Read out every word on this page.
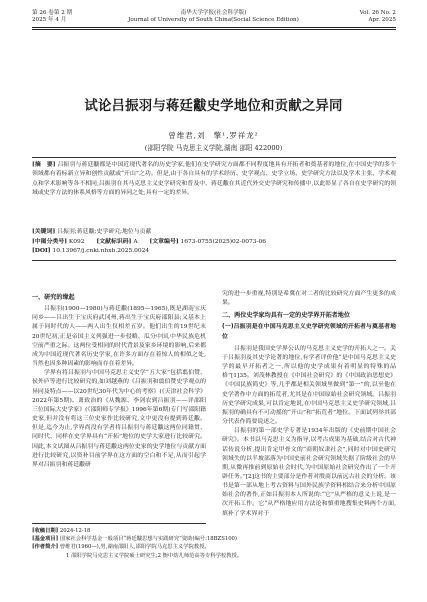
第 26 卷第 2 期
2025 年 4 月
南华大学学报(社会科学版)
Journal of University of South China(Social Science Edition)
Vol. 26 No. 2
Apr. 2025
试论吕振羽与蒋廷黻史学地位和贡献之异同
曾维君,刘　擎¹,罗祥龙²
(邵阳学院 马克思主义学院,湖南 邵阳 422000)
[摘　要] 吕振羽与蒋廷黻都是中国近现代著名的历史学家,他们在史学研究方面都不同程度地具有开拓者和奠基者的地位,在中国史学的多个领域都有着标新立异和创性贡献或“开山”之功。但是,由于各自具有的学术经历、史学观点、史学立场、史学研究方法以及学术主张、学术观点和学术影响等各不相同,吕振羽在其马克思主义史学研究和普及中、蒋廷黻在其近代外交史学研究和传播中,以此彰显了各自在史学研究的领域或史学方法的体系风格等方面的异同之处,具有一定的差异。
[关键词] 吕振羽;蒋廷黻;史学研究;地位与贡献
[中图分类号] K092 [文献标识码] A [文章编号] 1673-0755(2025)02-0073-06
[DOI] 10.13967/j.cnki.nhxb.2025.0024
一、研究的缘起

吕振羽(1900—1980)与蒋廷黻(1895—1965),既是湖南宝庆同乡——吕出生于宝庆府武冈州,蒋出生于宝庆府邵阳县;又基本上属于同时代的人——两人出生仅相差五岁。他们出生的19世纪末20世纪初,正是帝国主义列强进一步侵略、瓜分中国,中华民族危机空前严重之际。这两位受相同的时代背景及家乡环境的影响,后来都成为中国近现代著名历史学家,在许多方面存在着惊人的相似之处,当然也因多种因素的影响而存在着差异。

学界有将吕振羽与中国马克思主义史学“五大家”包括翦伯赞、侯外庐等进行比较研究的,如刘越燕的《吕振羽和翦伯赞史学观点的异同及特点——以20世纪30年代为中心的考察》(《天津社会科学》2022年第5期)。萧致治的《从魏源、李剑农到吕振羽——评邵阳三位国际大史学家》(《邵阳师专学报》1996年第6期)专门写邵阳籍史家,但并没有将这三位史家作比较研究,文中更没有提到蒋廷黻。但是,迄今为止,学界尚没有学者将吕振羽与蒋廷黻这两位同籍贯、同时代、同样在史学界具有“开拓”地位的史学大家进行比较研究。因此,本文试图从吕振羽与蒋廷黻这两位史家的史学地位与贡献方面进行比较研究,以资补目前学界在这方面的空白和不足,从而引起学界对吕振羽和蒋廷黻研

究的进一步重视,特别是希冀在对二者的比较研究方面产生更多的成果。

二、两位史学家均具有一定的史学界开拓者地位
(一)吕振羽是在中国马克思主义史学研究领域的开拓者与奠基者地位

吕振羽是我国史学界公认的马克思主义史学的开拓人之一。关于吕振羽及其史学论著的地位,有学者评价他“是中国马克思主义史学的最早开拓者之一,所以他的史学成果有着明显的特殊的品格”[1]35。刘茂林教授在《中国社会研究》的《中国政治思想史》《中国民族简史》等,几乎都是相关领域里做到“第一”的,以至他在史学著作中方面的拓荒者,尤其是在中国原始社会研究领域。吕振羽历史学研究成果,可以肯定地说,在中国马克思主义史学研究领域,吕振羽的确具有不可动摇的“开山”和“拓荒者”地位。下面试列举其部分代表作简要说述之。

吕振羽的第一部史学专著是1934年出版的《史前期中国社会研究》。本书以马克思主义为指导,以考古成果为基础,结合对古代神话传说分析,提出肯定甲骨文的“商朝奴隶社会”,同时对中国史研究领域失的以半坡部落为中国史前社会研究领域失据了阶级社会的早期,从微再推前到原始社会时代,为中国原始社会研究作出了一个开辟任务。”[2]这书的主要部分是作者对殷商以前远古社会的分析。该书是第一部从地上考古资料与国外民族学资料相结合来分析中国原始社会的著作,正如吕振羽本人所说的:“它”从严格的意义上说,是一次开拓工作。它“从严格地应用方法论和慎重地搜集史料两个方面,填补了学术界对于

[收稿日期] 2024-12-18
[基金项目] 国家社会科学基金一般项目“蒋廷黻思想与实践研究”资助(编号:18BZS100)
[作者简介] 曾维君(1960—),男,湖南邵阳人,邵阳学院马克思主义学院教授。
1 邵阳学院马克思主义学院硕士研究生;2 衡中幼儿师范高等专科学校教授。
